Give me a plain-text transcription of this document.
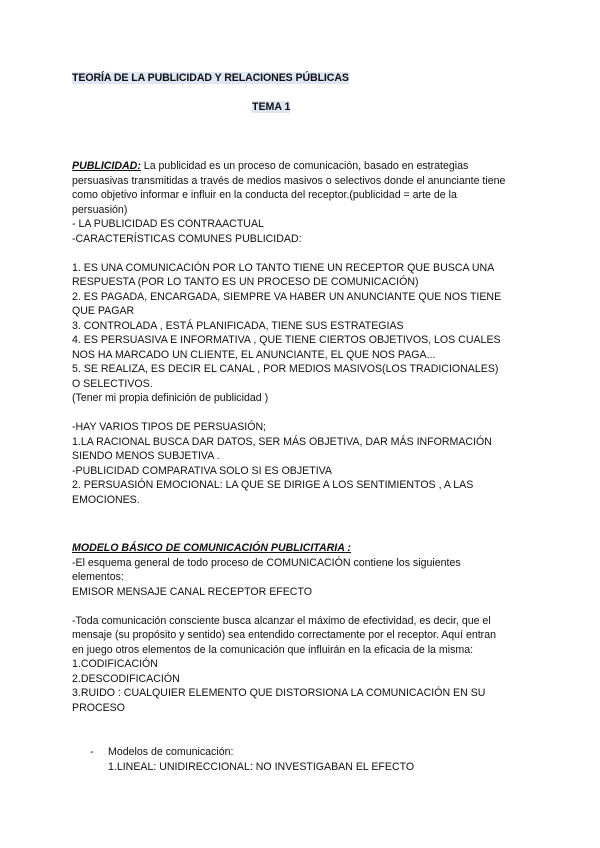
TEORÍA DE LA PUBLICIDAD Y RELACIONES PÚBLICAS
TEMA 1

PUBLICIDAD: La publicidad es un proceso de comunicación, basado en estrategias

persuasivas transmitidas a través de medios masivos o selectivos donde el anunciante tiene

como objetivo informar e influir en la conducta del receptor.(publicidad = arte de la

persuasión)

- LA PUBLICIDAD ES CONTRAACTUAL

-CARACTERÍSTICAS COMUNES PUBLICIDAD:

1. ES UNA COMUNICACIÓN POR LO TANTO TIENE UN RECEPTOR QUE BUSCA UNA

RESPUESTA (POR LO TANTO ES UN PROCESO DE COMUNICACIÓN)

2. ES PAGADA, ENCARGADA, SIEMPRE VA HABER UN ANUNCIANTE QUE NOS TIENE

QUE PAGAR

3. CONTROLADA , ESTÁ PLANIFICADA, TIENE SUS ESTRATEGIAS

4. ES PERSUASIVA E INFORMATIVA , QUE TIENE CIERTOS OBJETIVOS, LOS CUALES

NOS HA MARCADO UN CLIENTE, EL ANUNCIANTE, EL QUE NOS PAGA...

5. SE REALIZA, ES DECIR EL CANAL , POR MEDIOS MASIVOS(LOS TRADICIONALES)

O SELECTIVOS.

(Tener mi propia definición de publicidad )

-HAY VARIOS TIPOS DE PERSUASIÓN;

1.LA RACIONAL BUSCA DAR DATOS, SER MÁS OBJETIVA, DAR MÁS INFORMACIÓN

SIENDO MENOS SUBJETIVA .

-PUBLICIDAD COMPARATIVA SOLO SI ES OBJETIVA

2. PERSUASIÓN EMOCIONAL: LA QUE SE DIRIGE A LOS SENTIMIENTOS , A LAS

EMOCIONES.

MODELO BÁSICO DE COMUNICACIÓN PUBLICITARIA :

-El esquema general de todo proceso de COMUNICACIÓN contiene los siguientes

elementos:

EMISOR MENSAJE CANAL RECEPTOR EFECTO

-Toda comunicación consciente busca alcanzar el máximo de efectividad, es decir, que el

mensaje (su propósito y sentido) sea entendido correctamente por el receptor. Aquí entran

en juego otros elementos de la comunicación que influirán en la eficacia de la misma:

1.CODIFICACIÓN

2.DESCODIFICACIÓN

3.RUIDO : CUALQUIER ELEMENTO QUE DISTORSIONA LA COMUNICACIÓN EN SU

PROCESO

-	Modelos de comunicación:

1.LINEAL: UNIDIRECCIONAL: NO INVESTIGABAN EL EFECTO
